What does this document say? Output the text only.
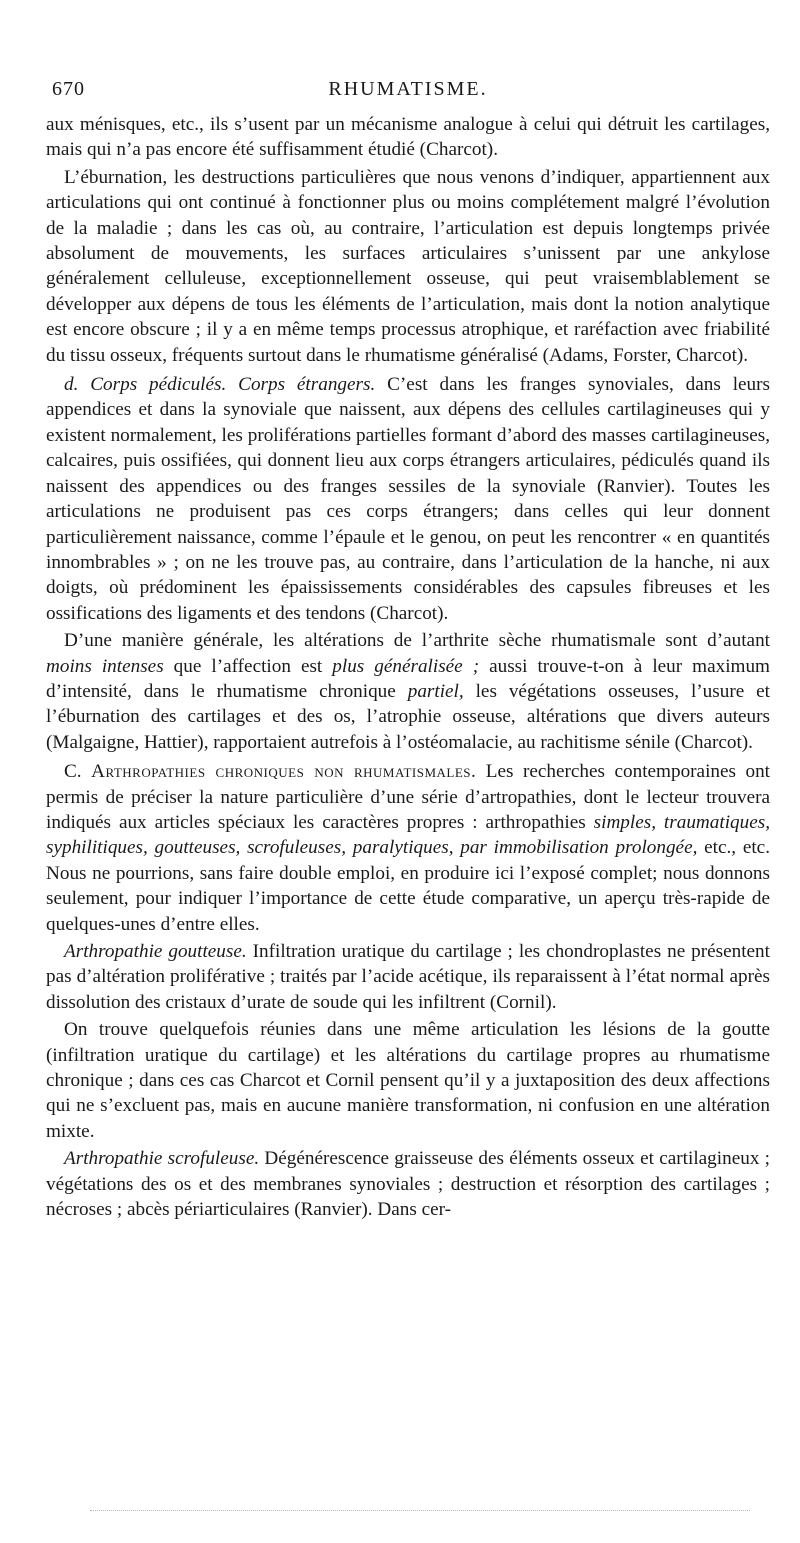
670	RHUMATISME.

aux ménisques, etc., ils s’usent par un mécanisme analogue à celui qui détruit les cartilages, mais qui n’a pas encore été suffisamment étudié (Charcot).

L’éburnation, les destructions particulières que nous venons d’indiquer, appartiennent aux articulations qui ont continué à fonctionner plus ou moins complétement malgré l’évolution de la maladie ; dans les cas où, au contraire, l’articulation est depuis longtemps privée absolument de mouvements, les surfaces articulaires s’unissent par une ankylose généralement celluleuse, exceptionnellement osseuse, qui peut vraisemblablement se développer aux dépens de tous les éléments de l’articulation, mais dont la notion analytique est encore obscure ; il y a en même temps processus atrophique, et raréfaction avec friabilité du tissu osseux, fréquents surtout dans le rhumatisme généralisé (Adams, Forster, Charcot).

d. Corps pédiculés. Corps étrangers. C’est dans les franges synoviales, dans leurs appendices et dans la synoviale que naissent, aux dépens des cellules cartilagineuses qui y existent normalement, les proliférations partielles formant d’abord des masses cartilagineuses, calcaires, puis ossifiées, qui donnent lieu aux corps étrangers articulaires, pédiculés quand ils naissent des appendices ou des franges sessiles de la synoviale (Ranvier). Toutes les articulations ne produisent pas ces corps étrangers; dans celles qui leur donnent particulièrement naissance, comme l’épaule et le genou, on peut les rencontrer « en quantités innombrables » ; on ne les trouve pas, au contraire, dans l’articulation de la hanche, ni aux doigts, où prédominent les épaississements considérables des capsules fibreuses et les ossifications des ligaments et des tendons (Charcot).

D’une manière générale, les altérations de l’arthrite sèche rhumatismale sont d’autant moins intenses que l’affection est plus généralisée ; aussi trouve-t-on à leur maximum d’intensité, dans le rhumatisme chronique partiel, les végétations osseuses, l’usure et l’éburnation des cartilages et des os, l’atrophie osseuse, altérations que divers auteurs (Malgaigne, Hattier), rapportaient autrefois à l’ostéomalacie, au rachitisme sénile (Charcot).

C. Arthropathies chroniques non rhumatismales. Les recherches contemporaines ont permis de préciser la nature particulière d’une série d’artropathies, dont le lecteur trouvera indiqués aux articles spéciaux les caractères propres : arthropathies simples, traumatiques, syphilitiques, goutteuses, scrofuleuses, paralytiques, par immobilisation prolongée, etc., etc. Nous ne pourrions, sans faire double emploi, en produire ici l’exposé complet; nous donnons seulement, pour indiquer l’importance de cette étude comparative, un aperçu très-rapide de quelques-unes d’entre elles.

Arthropathie goutteuse. Infiltration uratique du cartilage ; les chondroplastes ne présentent pas d’altération proliférative ; traités par l’acide acétique, ils reparaissent à l’état normal après dissolution des cristaux d’urate de soude qui les infiltrent (Cornil).

On trouve quelquefois réunies dans une même articulation les lésions de la goutte (infiltration uratique du cartilage) et les altérations du cartilage propres au rhumatisme chronique ; dans ces cas Charcot et Cornil pensent qu’il y a juxtaposition des deux affections qui ne s’excluent pas, mais en aucune manière transformation, ni confusion en une altération mixte.

Arthropathie scrofuleuse. Dégénérescence graisseuse des éléments osseux et cartilagineux ; végétations des os et des membranes synoviales ; destruction et résorption des cartilages ; nécroses ; abcès périarticulaires (Ranvier). Dans cer-
